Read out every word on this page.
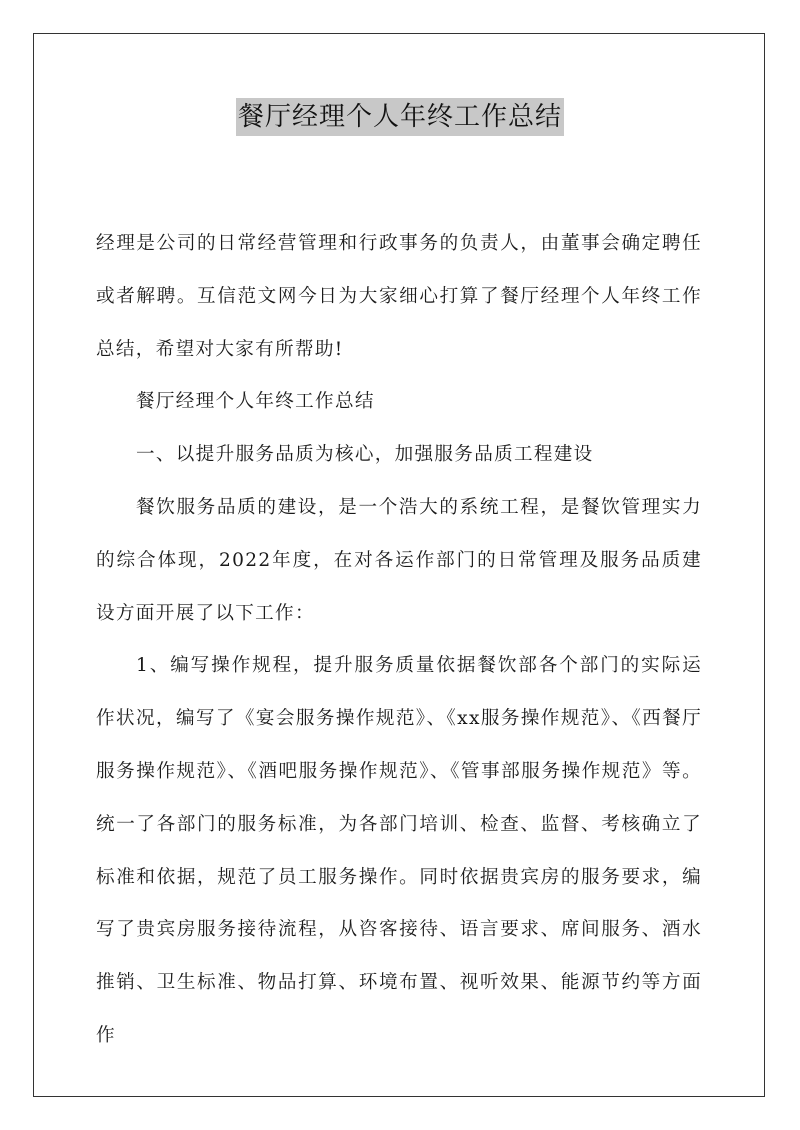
餐厅经理个人年终工作总结

经理是公司的日常经营管理和行政事务的负责人，由董事会确定聘任或者解聘。互信范文网今日为大家细心打算了餐厅经理个人年终工作总结，希望对大家有所帮助!

餐厅经理个人年终工作总结

一、以提升服务品质为核心，加强服务品质工程建设

餐饮服务品质的建设，是一个浩大的系统工程，是餐饮管理实力的综合体现，2022年度，在对各运作部门的日常管理及服务品质建设方面开展了以下工作：

1、编写操作规程，提升服务质量依据餐饮部各个部门的实际运作状况，编写了《宴会服务操作规范》、《xx服务操作规范》、《西餐厅服务操作规范》、《酒吧服务操作规范》、《管事部服务操作规范》等。统一了各部门的服务标准，为各部门培训、检查、监督、考核确立了标准和依据，规范了员工服务操作。同时依据贵宾房的服务要求，编写了贵宾房服务接待流程，从咨客接待、语言要求、席间服务、酒水推销、卫生标准、物品打算、环境布置、视听效果、能源节约等方面作
